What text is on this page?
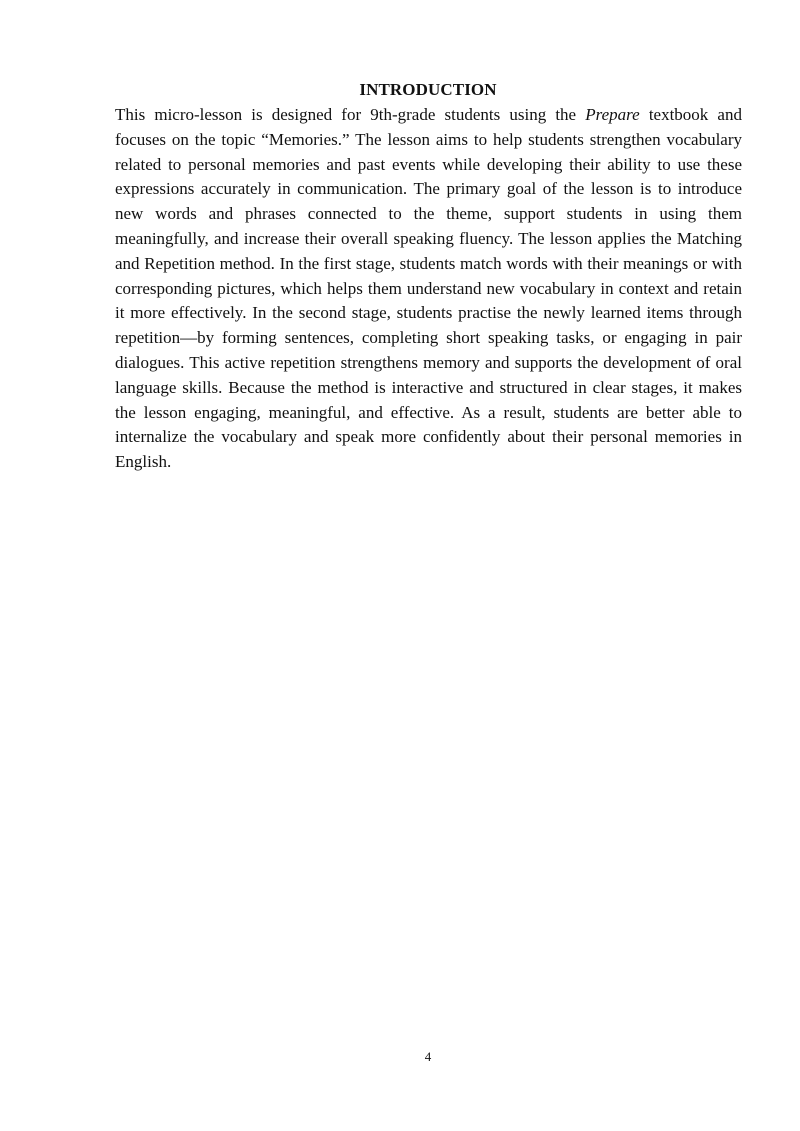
INTRODUCTION

This micro-lesson is designed for 9th-grade students using the Prepare textbook and focuses on the topic “Memories.” The lesson aims to help students strengthen vocabulary related to personal memories and past events while developing their ability to use these expressions accurately in communication. The primary goal of the lesson is to introduce new words and phrases connected to the theme, support students in using them meaningfully, and increase their overall speaking fluency. The lesson applies the Matching and Repetition method. In the first stage, students match words with their meanings or with corresponding pictures, which helps them understand new vocabulary in context and retain it more effectively. In the second stage, students practise the newly learned items through repetition—by forming sentences, completing short speaking tasks, or engaging in pair dialogues. This active repetition strengthens memory and supports the development of oral language skills. Because the method is interactive and structured in clear stages, it makes the lesson engaging, meaningful, and effective. As a result, students are better able to internalize the vocabulary and speak more confidently about their personal memories in English.

4
